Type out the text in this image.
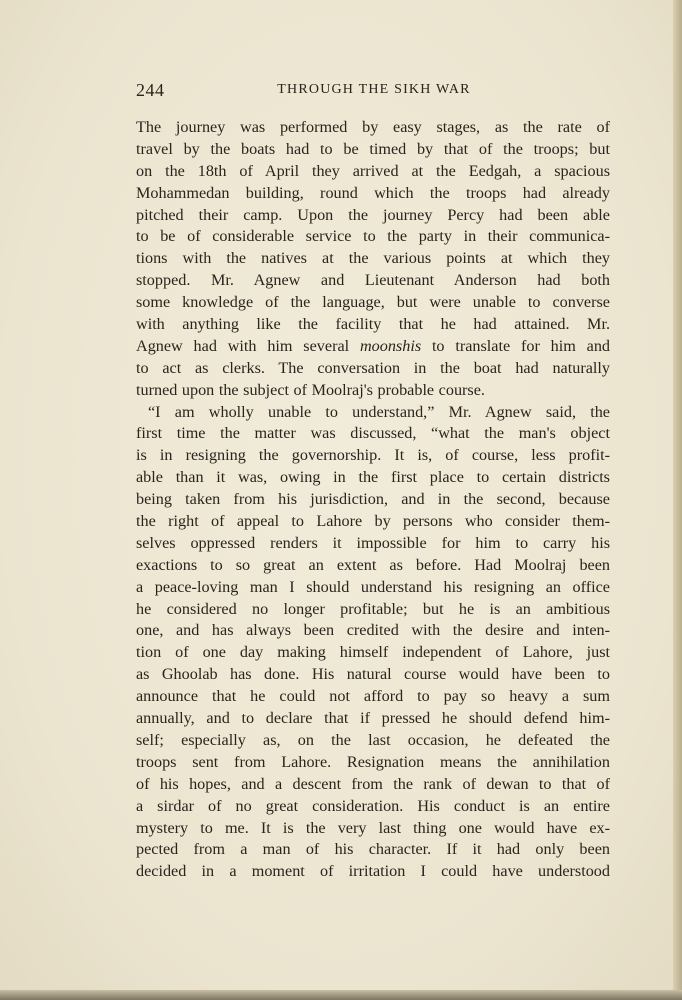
244	THROUGH THE SIKH WAR
The journey was performed by easy stages, as the rate of
travel by the boats had to be timed by that of the troops; but
on the 18th of April they arrived at the Eedgah, a spacious
Mohammedan building, round which the troops had already
pitched their camp. Upon the journey Percy had been able
to be of considerable service to the party in their communica-
tions with the natives at the various points at which they
stopped. Mr. Agnew and Lieutenant Anderson had both
some knowledge of the language, but were unable to converse
with anything like the facility that he had attained. Mr.
Agnew had with him several moonshis to translate for him and
to act as clerks. The conversation in the boat had naturally
turned upon the subject of Moolraj's probable course.
“I am wholly unable to understand,” Mr. Agnew said, the
first time the matter was discussed, “what the man's object
is in resigning the governorship. It is, of course, less profit-
able than it was, owing in the first place to certain districts
being taken from his jurisdiction, and in the second, because
the right of appeal to Lahore by persons who consider them-
selves oppressed renders it impossible for him to carry his
exactions to so great an extent as before. Had Moolraj been
a peace-loving man I should understand his resigning an office
he considered no longer profitable; but he is an ambitious
one, and has always been credited with the desire and inten-
tion of one day making himself independent of Lahore, just
as Ghoolab has done. His natural course would have been to
announce that he could not afford to pay so heavy a sum
annually, and to declare that if pressed he should defend him-
self; especially as, on the last occasion, he defeated the
troops sent from Lahore. Resignation means the annihilation
of his hopes, and a descent from the rank of dewan to that of
a sirdar of no great consideration. His conduct is an entire
mystery to me. It is the very last thing one would have ex-
pected from a man of his character. If it had only been
decided in a moment of irritation I could have understood
